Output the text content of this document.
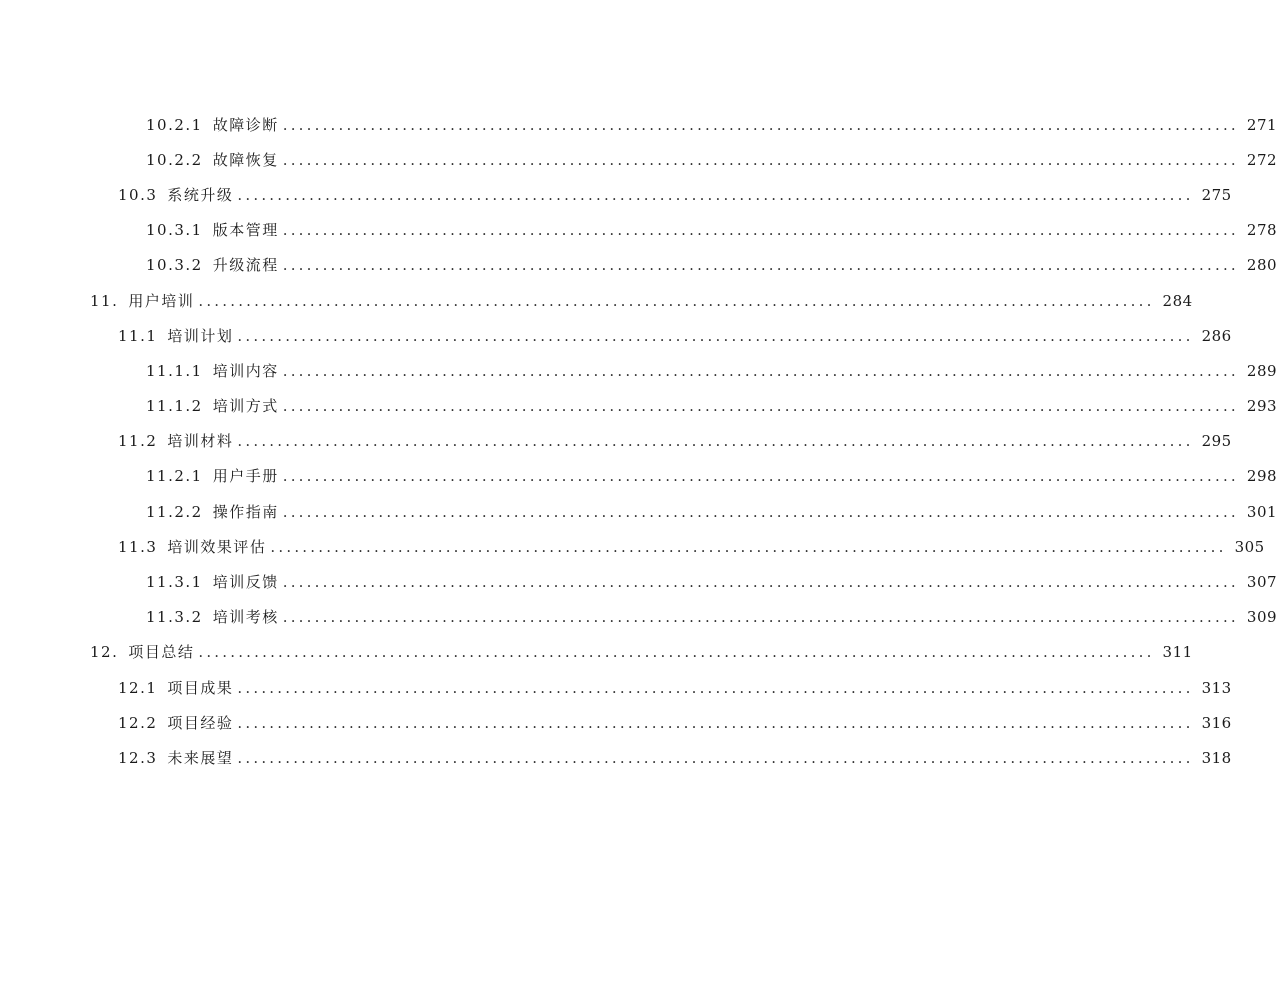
10.2.1 故障诊断 ........................................................................................................................ 271
10.2.2 故障恢复 ........................................................................................................................ 272
10.3 系统升级 ........................................................................................................................ 275
10.3.1 版本管理 ........................................................................................................................ 278
10.3.2 升级流程 ........................................................................................................................ 280
11. 用户培训 ........................................................................................................................ 284
11.1 培训计划 ........................................................................................................................ 286
11.1.1 培训内容 ........................................................................................................................ 289
11.1.2 培训方式 ........................................................................................................................ 293
11.2 培训材料 ........................................................................................................................ 295
11.2.1 用户手册 ........................................................................................................................ 298
11.2.2 操作指南 ........................................................................................................................ 301
11.3 培训效果评估 ........................................................................................................................ 305
11.3.1 培训反馈 ........................................................................................................................ 307
11.3.2 培训考核 ........................................................................................................................ 309
12. 项目总结 ........................................................................................................................ 311
12.1 项目成果 ........................................................................................................................ 313
12.2 项目经验 ........................................................................................................................ 316
12.3 未来展望 ........................................................................................................................ 318
